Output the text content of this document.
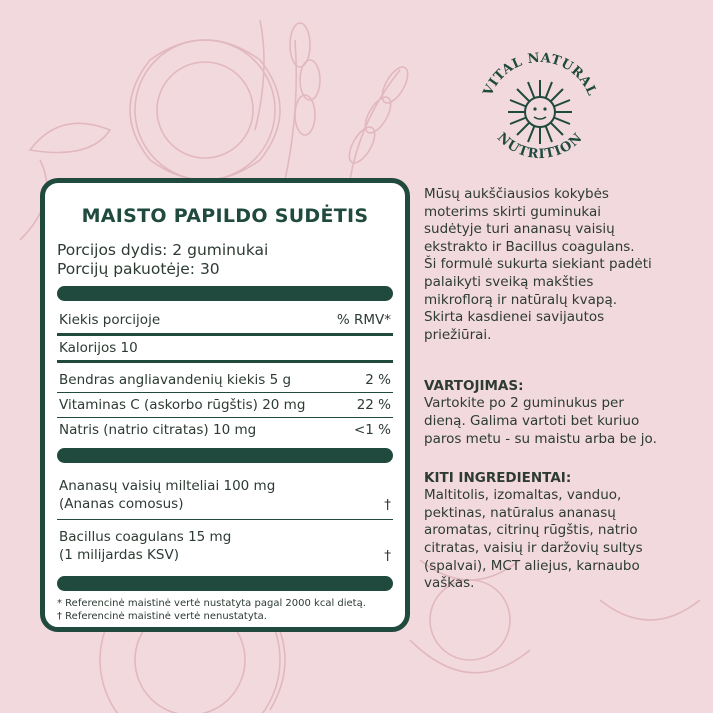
VITAL NATURAL
NUTRITION
MAISTO PAPILDO SUDĖTIS
Porcijos dydis: 2 guminukai
Porcijų pakuotėje: 30
Kiekis porcijoje	% RMV*
Kalorijos 10
Bendras angliavandenių kiekis 5 g	2 %
Vitaminas C (askorbo rūgštis) 20 mg	22 %
Natris (natrio citratas) 10 mg	<1 %
Ananasų vaisių milteliai 100 mg
(Ananas comosus)	†
Bacillus coagulans 15 mg
(1 milijardas KSV)	†
* Referencinė maistinė vertė nustatyta pagal 2000 kcal dietą.
† Referencinė maistinė vertė nenustatyta.

Mūsų aukščiausios kokybės
moterims skirti guminukai
sudėtyje turi ananasų vaisių
ekstrakto ir Bacillus coagulans.
Ši formulė sukurta siekiant padėti
palaikyti sveiką makšties
mikroflorą ir natūralų kvapą.
Skirta kasdienei savijautos
priežiūrai.

VARTOJIMAS:

Vartokite po 2 guminukus per
dieną. Galima vartoti bet kuriuo
paros metu - su maistu arba be jo.

KITI INGREDIENTAI:

Maltitolis, izomaltas, vanduo,
pektinas, natūralus ananasų
aromatas, citrinų rūgštis, natrio
citratas, vaisių ir daržovių sultys
(spalvai), MCT aliejus, karnaubo
vaškas.
